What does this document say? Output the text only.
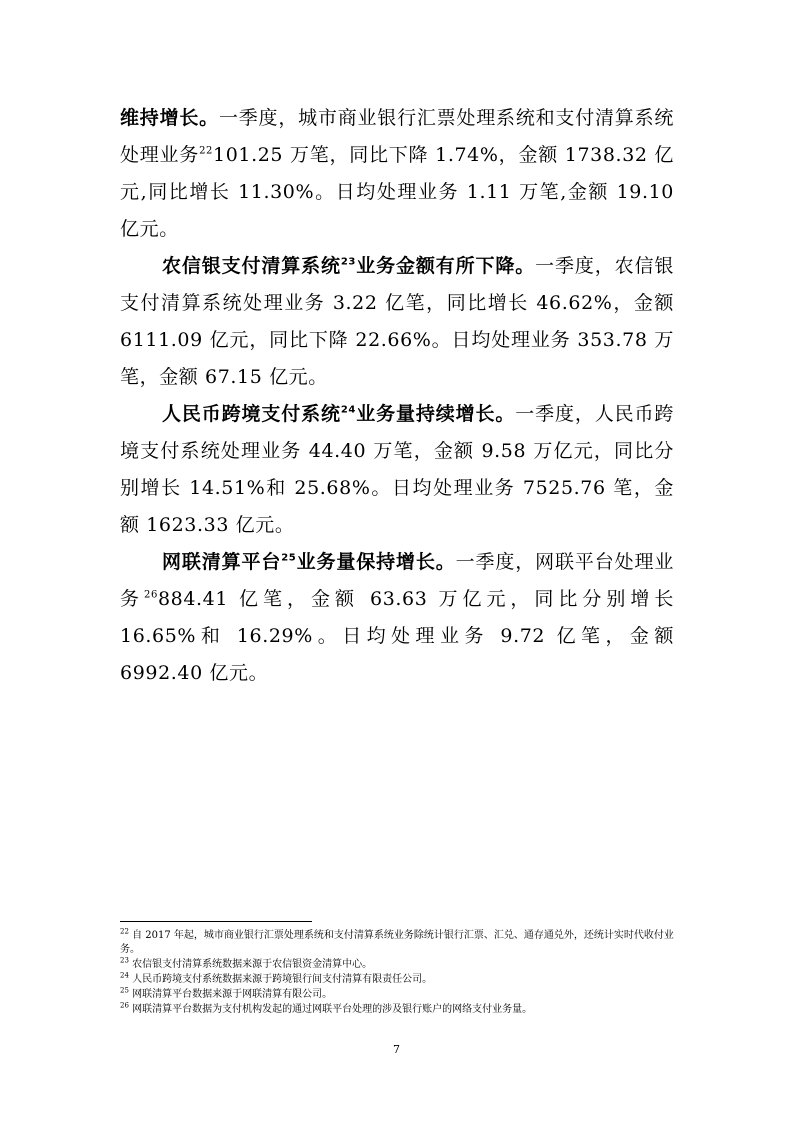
维持增长。一季度，城市商业银行汇票处理系统和支付清算系统处理业务$^{22}$101.25 万笔，同比下降 1.74%，金额 1738.32 亿元,同比增长 11.30%。日均处理业务 1.11 万笔,金额 19.10 亿元。

农信银支付清算系统$^{23}$业务金额有所下降。一季度，农信银支付清算系统处理业务 3.22 亿笔，同比增长 46.62%，金额 6111.09 亿元，同比下降 22.66%。日均处理业务 353.78 万笔，金额 67.15 亿元。

人民币跨境支付系统$^{24}$业务量持续增长。一季度，人民币跨境支付系统处理业务 44.40 万笔，金额 9.58 万亿元，同比分别增长 14.51%和 25.68%。日均处理业务 7525.76 笔，金额 1623.33 亿元。

网联清算平台$^{25}$业务量保持增长。一季度，网联平台处理业务$^{26}$884.41 亿笔，金额 63.63 万亿元，同比分别增长 16.65%和 16.29%。日均处理业务 9.72 亿笔，金额 6992.40 亿元。

$^{22}$ 自 2017 年起，城市商业银行汇票处理系统和支付清算系统业务除统计银行汇票、汇兑、通存通兑外，还统计实时代收付业务。

$^{23}$ 农信银支付清算系统数据来源于农信银资金清算中心。

$^{24}$ 人民币跨境支付系统数据来源于跨境银行间支付清算有限责任公司。

$^{25}$ 网联清算平台数据来源于网联清算有限公司。

$^{26}$ 网联清算平台数据为支付机构发起的通过网联平台处理的涉及银行账户的网络支付业务量。

7
